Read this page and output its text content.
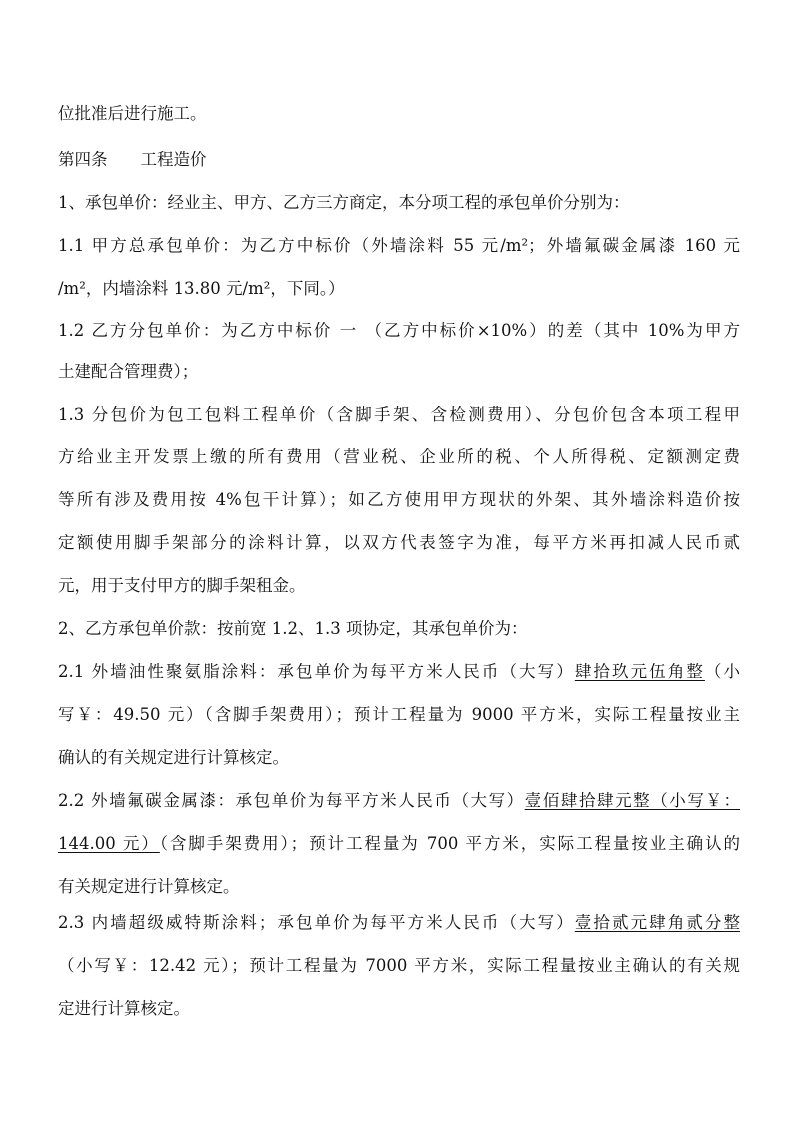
位批准后进行施工。
第四条　　工程造价
1、承包单价：经业主、甲方、乙方三方商定，本分项工程的承包单价分别为：
1.1 甲方总承包单价：为乙方中标价（外墙涂料 55 元/m²；外墙氟碳金属漆 160 元
/m²，内墙涂料 13.80 元/m²，下同。）
1.2 乙方分包单价：为乙方中标价 一 （乙方中标价×10%）的差（其中 10%为甲方
土建配合管理费）；
1.3 分包价为包工包料工程单价（含脚手架、含检测费用）、分包价包含本项工程甲
方给业主开发票上缴的所有费用（营业税、企业所的税、个人所得税、定额测定费
等所有涉及费用按 4%包干计算）；如乙方使用甲方现状的外架、其外墙涂料造价按
定额使用脚手架部分的涂料计算，以双方代表签字为准，每平方米再扣减人民币贰
元，用于支付甲方的脚手架租金。
2、乙方承包单价款：按前宽 1.2、1.3 项协定，其承包单价为：
2.1 外墙油性聚氨脂涂料：承包单价为每平方米人民币（大写）肆拾玖元伍角整（小
写￥：49.50 元）（含脚手架费用）；预计工程量为 9000 平方米，实际工程量按业主
确认的有关规定进行计算核定。
2.2 外墙氟碳金属漆：承包单价为每平方米人民币（大写）壹佰肆拾肆元整（小写￥：
144.00 元）（含脚手架费用）；预计工程量为 700 平方米，实际工程量按业主确认的
有关规定进行计算核定。
2.3 内墙超级威特斯涂料；承包单价为每平方米人民币（大写）壹拾贰元肆角贰分整
（小写￥：12.42 元）；预计工程量为 7000 平方米，实际工程量按业主确认的有关规
定进行计算核定。
